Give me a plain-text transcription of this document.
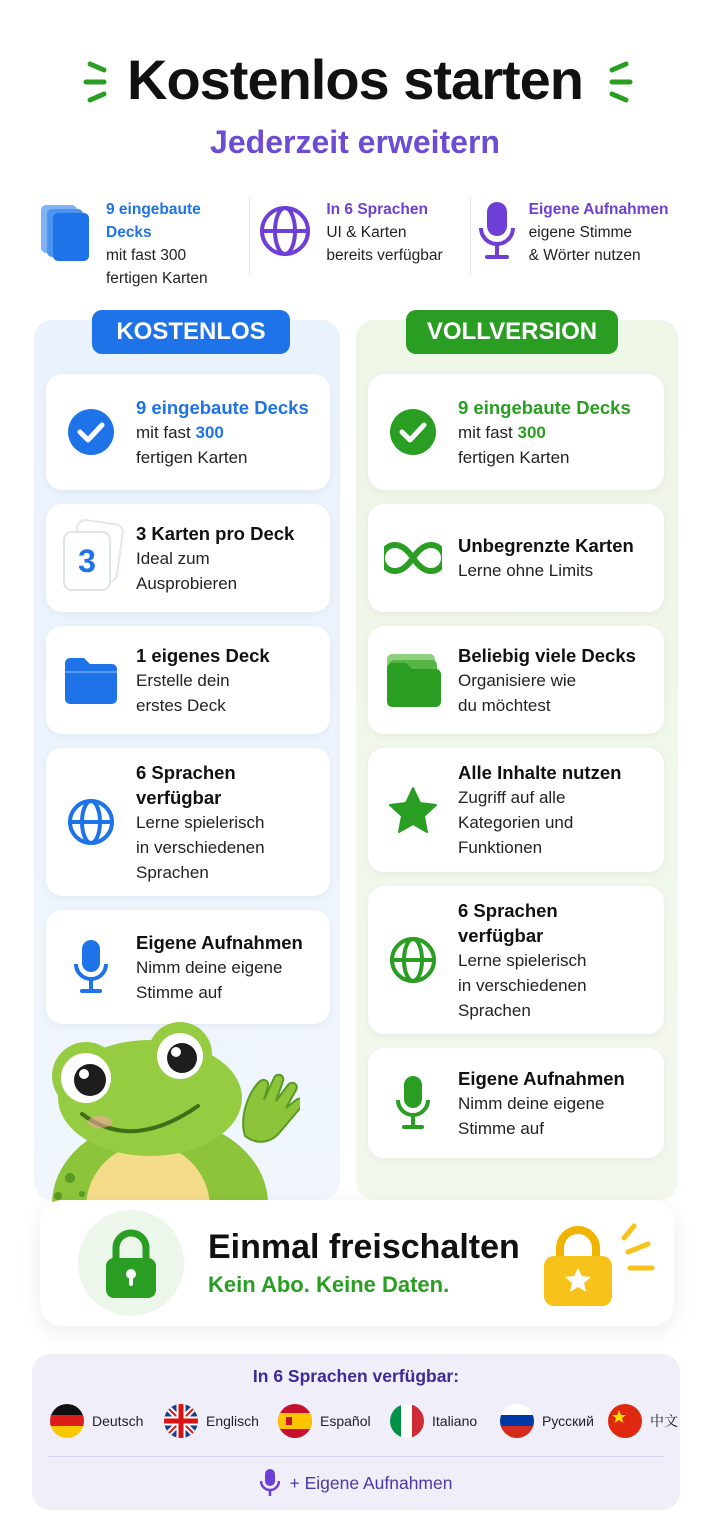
Kostenlos starten
Jederzeit erweitern
9 eingebaute Decks
mit fast 300
fertigen Karten
In 6 Sprachen
UI & Karten
bereits verfügbar
Eigene Aufnahmen
eigene Stimme
& Wörter nutzen
KOSTENLOS	VOLLVERSION
9 eingebaute Decks
mit fast 300
fertigen Karten
3
3 Karten pro Deck
Ideal zum
Ausprobieren
1 eigenes Deck
Erstelle dein
erstes Deck
6 Sprachen
verfügbar
Lerne spielerisch
in verschiedenen
Sprachen
Eigene Aufnahmen
Nimm deine eigene
Stimme auf
9 eingebaute Decks
mit fast 300
fertigen Karten
Unbegrenzte Karten
Lerne ohne Limits
Beliebig viele Decks
Organisiere wie
du möchtest
Alle Inhalte nutzen
Zugriff auf alle
Kategorien und
Funktionen
6 Sprachen
verfügbar
Lerne spielerisch
in verschiedenen
Sprachen
Eigene Aufnahmen
Nimm deine eigene
Stimme auf
Einmal freischalten
Kein Abo. Keine Daten.
In 6 Sprachen verfügbar:
Deutsch	Englisch	Español	Italiano	Русский	中文
+ Eigene Aufnahmen
